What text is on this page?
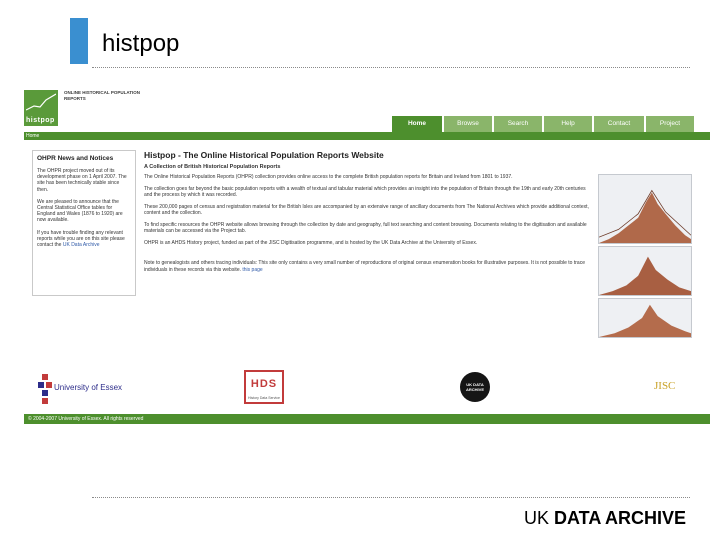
histpop
histpop
ONLINE HISTORICAL POPULATION REPORTS
Home	Browse	Search	Help	Contact	Project
Home
OHPR News and Notices
The OHPR project moved out of its development phase on 1 April 2007. The site has been technically stable since then.
We are pleased to announce that the Central Statistical Office tables for England and Wales (1876 to 1920) are now available.
If you have trouble finding any relevant reports while you are on this site please contact the UK Data Archive
Histpop - The Online Historical Population Reports Website
A Collection of British Historical Population Reports
The Online Historical Population Reports (OHPR) collection provides online access to the complete British population reports for Britain and Ireland from 1801 to 1937.
The collection goes far beyond the basic population reports with a wealth of textual and tabular material which provides an insight into the population of Britain through the 19th and early 20th centuries and the process by which it was recorded.
These 200,000 pages of census and registration material for the British Isles are accompanied by an extensive range of ancillary documents from The National Archives which provide additional context, content and the collection.
To find specific resources the OHPR website allows browsing through the collection by date and geography, full text searching and content browsing. Documents relating to the digitisation and available materials can be accessed via the Project tab.
OHPR is an AHDS History project, funded as part of the JISC Digitisation programme, and is hosted by the UK Data Archive at the University of Essex.
Note to genealogists and others tracing individuals: This site only contains a very small number of reproductions of original census enumeration books for illustrative purposes. It is not possible to trace individuals in these records via this website. this page
University of Essex	HDS
History Data Service
UK DATA ARCHIVE	JISC
© 2004-2007 University of Essex. All rights reserved
UK DATA ARCHIVE
